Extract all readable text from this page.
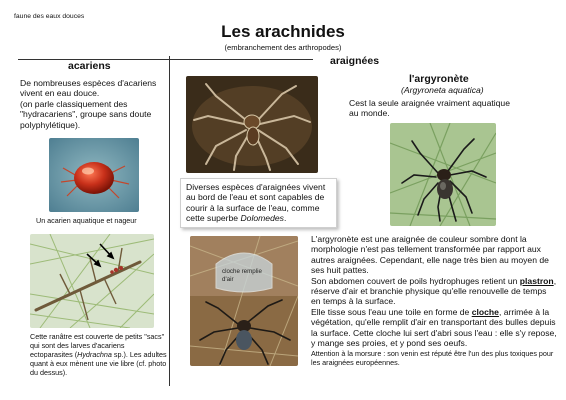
faune des eaux douces
Les arachnides
(embranchement des arthropodes)
acariens
De nombreuses espèces d'acariens vivent en eau douce.
(on parle classiquement des "hydracariens", groupe sans doute polyphylétique).
Un acarien aquatique et nageur
Cette ranâtre est couverte de petits "sacs" qui sont des larves d'acariens ectoparasites (Hydrachna sp.). Les adultes quant à eux mènent une vie libre (cf. photo du dessus).
araignées
Diverses espèces d'araignées vivent au bord de l'eau et sont capables de courir à la surface de l'eau, comme cette superbe Dolomedes.
l'argyronète
(Argyroneta aquatica)
Cest la seule araignée vraiment aquatique au monde.
cloche remplie d'air
L'argyronète est une araignée de couleur sombre dont la morphologie n'est pas tellement transformée par rapport aux autres araignées. Cependant, elle nage très bien au moyen de ses huit pattes.
Son abdomen couvert de poils hydrophuges retient un plastron, réserve d'air et branchie physique qu'elle renouvelle de temps en temps à la surface.
Elle tisse sous l'eau une toile en forme de cloche, arrimée à la végétation, qu'elle remplit d'air en transportant des bulles depuis la surface. Cette cloche lui sert d'abri sous l'eau : elle s'y repose, y mange ses proies, et y pond ses oeufs.
Attention à la morsure : son venin est réputé être l'un des plus toxiques pour les araignées européennes.
